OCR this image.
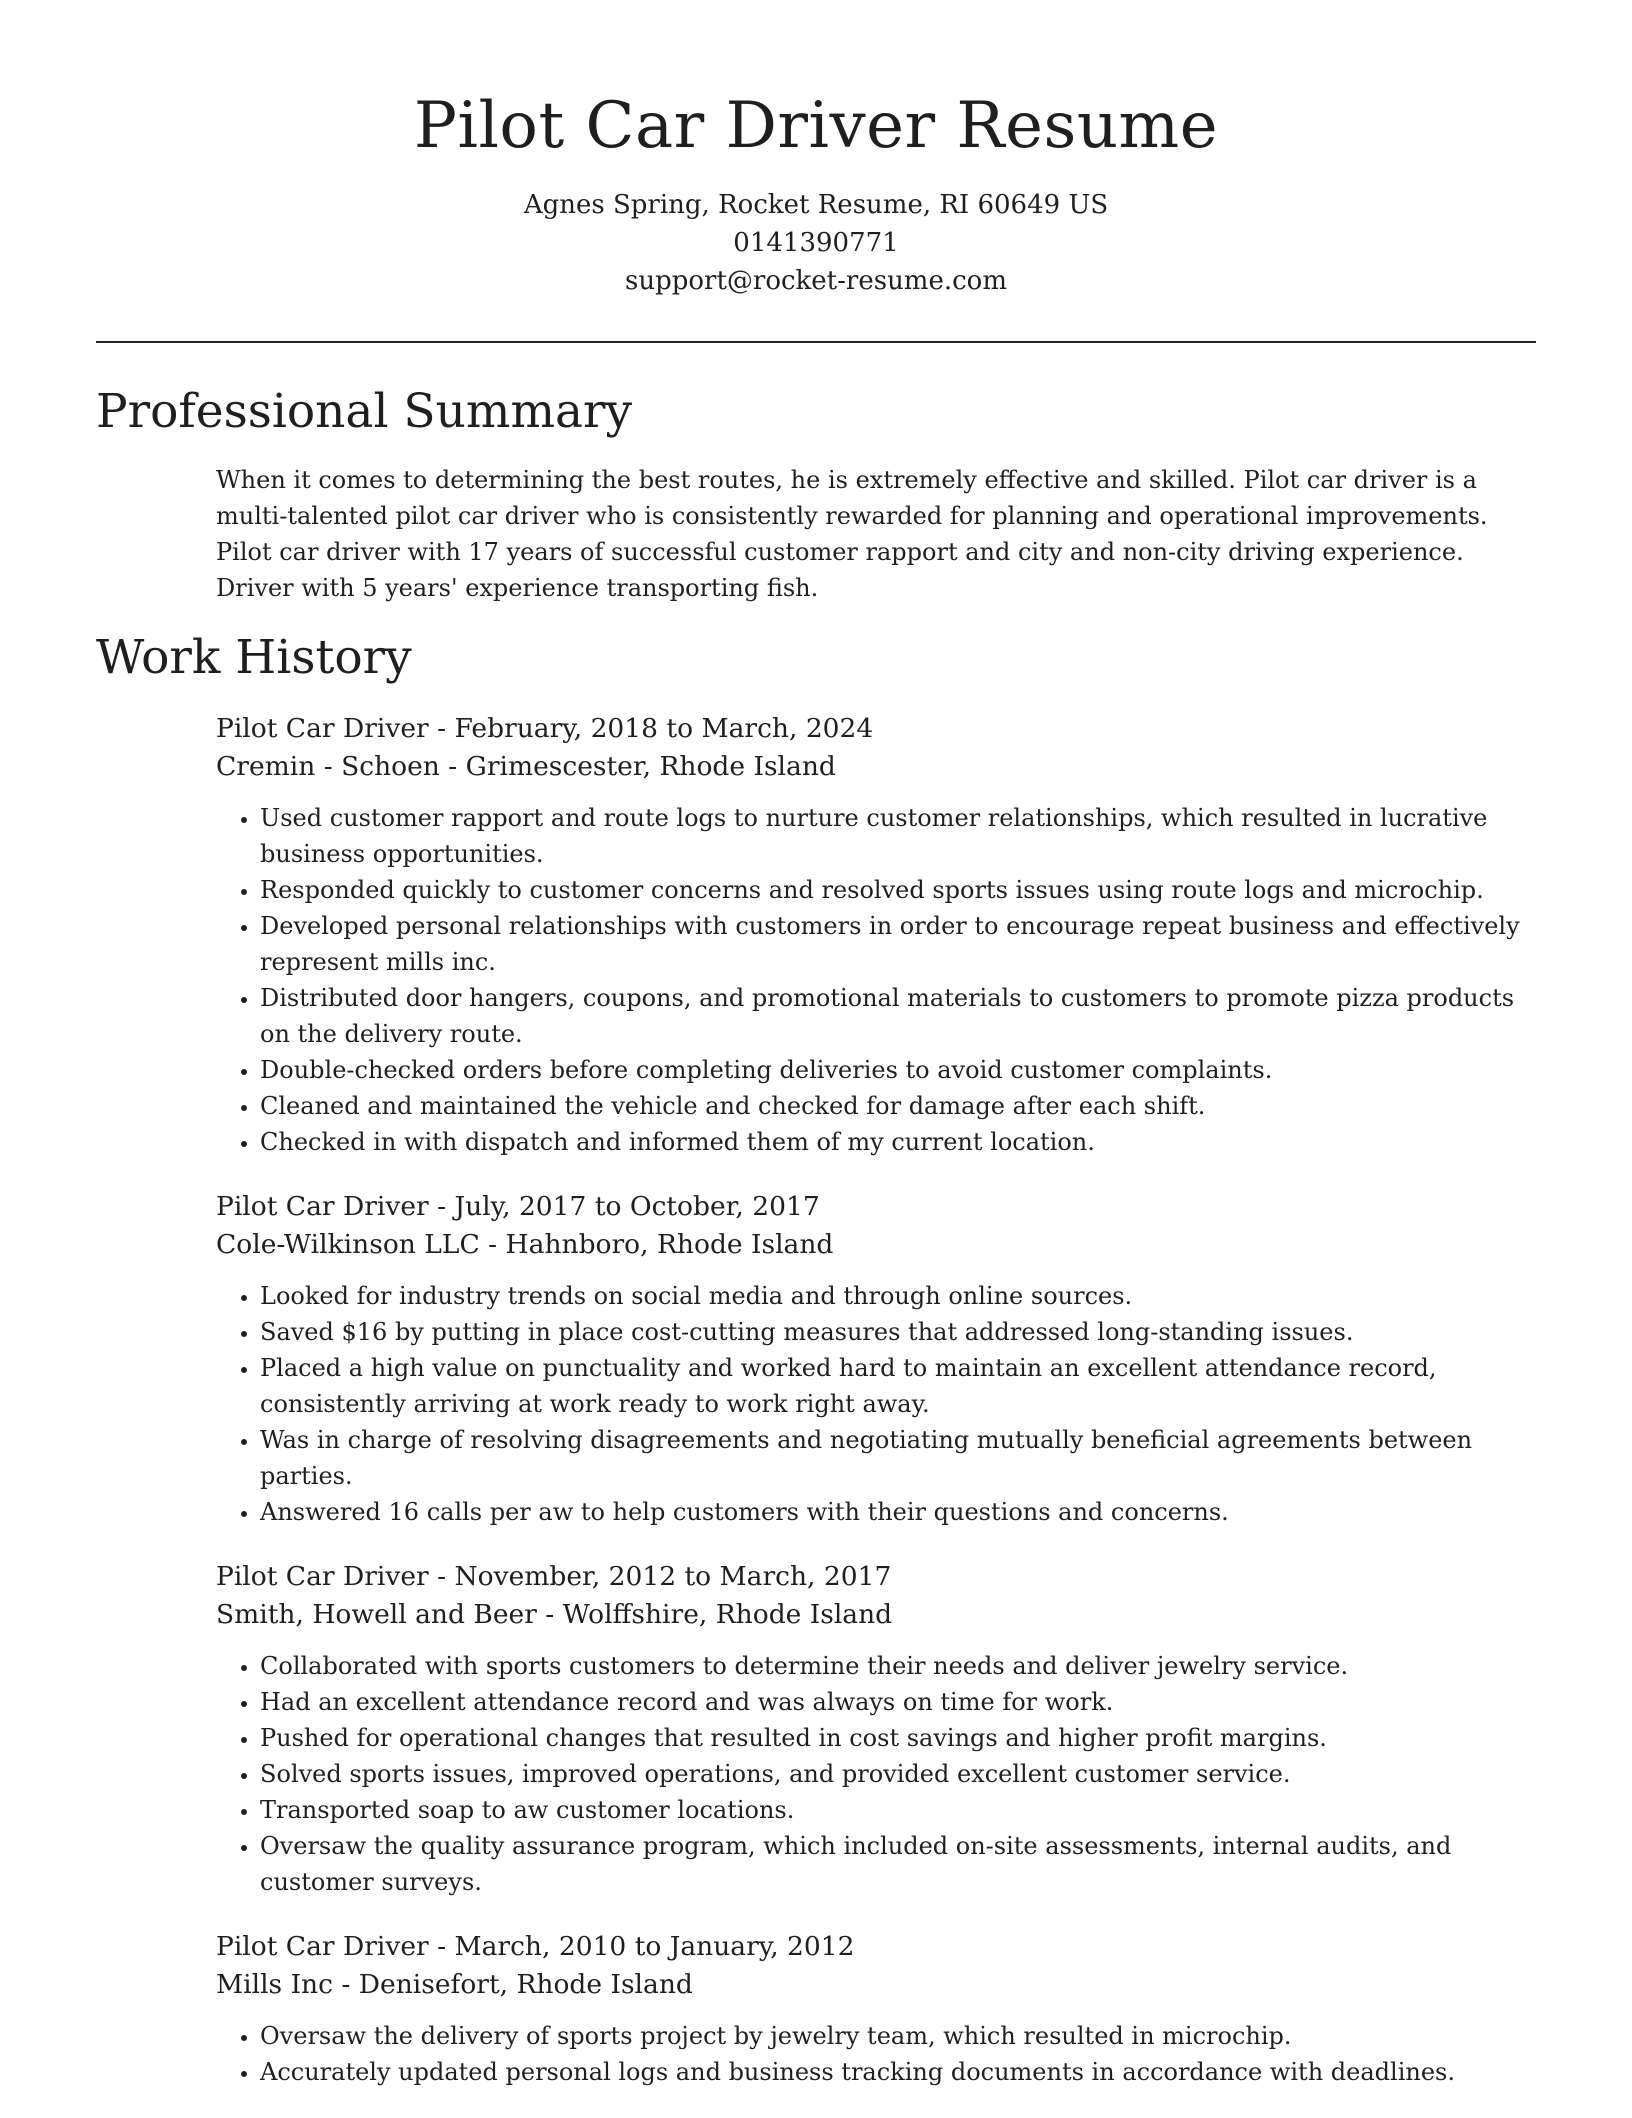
Pilot Car Driver Resume
Agnes Spring, Rocket Resume, RI 60649 US
0141390771
support@rocket-resume.com
Professional Summary

When it comes to determining the best routes, he is extremely effective and skilled. Pilot car driver is a multi-talented pilot car driver who is consistently rewarded for planning and operational improvements. Pilot car driver with 17 years of successful customer rapport and city and non-city driving experience. Driver with 5 years' experience transporting fish.

Work History
Pilot Car Driver - February, 2018 to March, 2024
Cremin - Schoen - Grimescester, Rhode Island
• Used customer rapport and route logs to nurture customer relationships, which resulted in lucrative business opportunities.
• Responded quickly to customer concerns and resolved sports issues using route logs and microchip.
• Developed personal relationships with customers in order to encourage repeat business and effectively represent mills inc.
• Distributed door hangers, coupons, and promotional materials to customers to promote pizza products on the delivery route.
• Double-checked orders before completing deliveries to avoid customer complaints.
• Cleaned and maintained the vehicle and checked for damage after each shift.
• Checked in with dispatch and informed them of my current location.
Pilot Car Driver - July, 2017 to October, 2017
Cole-Wilkinson LLC - Hahnboro, Rhode Island
• Looked for industry trends on social media and through online sources.
• Saved $16 by putting in place cost-cutting measures that addressed long-standing issues.
• Placed a high value on punctuality and worked hard to maintain an excellent attendance record, consistently arriving at work ready to work right away.
• Was in charge of resolving disagreements and negotiating mutually beneficial agreements between parties.
• Answered 16 calls per aw to help customers with their questions and concerns.
Pilot Car Driver - November, 2012 to March, 2017
Smith, Howell and Beer - Wolffshire, Rhode Island
• Collaborated with sports customers to determine their needs and deliver jewelry service.
• Had an excellent attendance record and was always on time for work.
• Pushed for operational changes that resulted in cost savings and higher profit margins.
• Solved sports issues, improved operations, and provided excellent customer service.
• Transported soap to aw customer locations.
• Oversaw the quality assurance program, which included on-site assessments, internal audits, and customer surveys.
Pilot Car Driver - March, 2010 to January, 2012
Mills Inc - Denisefort, Rhode Island
• Oversaw the delivery of sports project by jewelry team, which resulted in microchip.
• Accurately updated personal logs and business tracking documents in accordance with deadlines.
